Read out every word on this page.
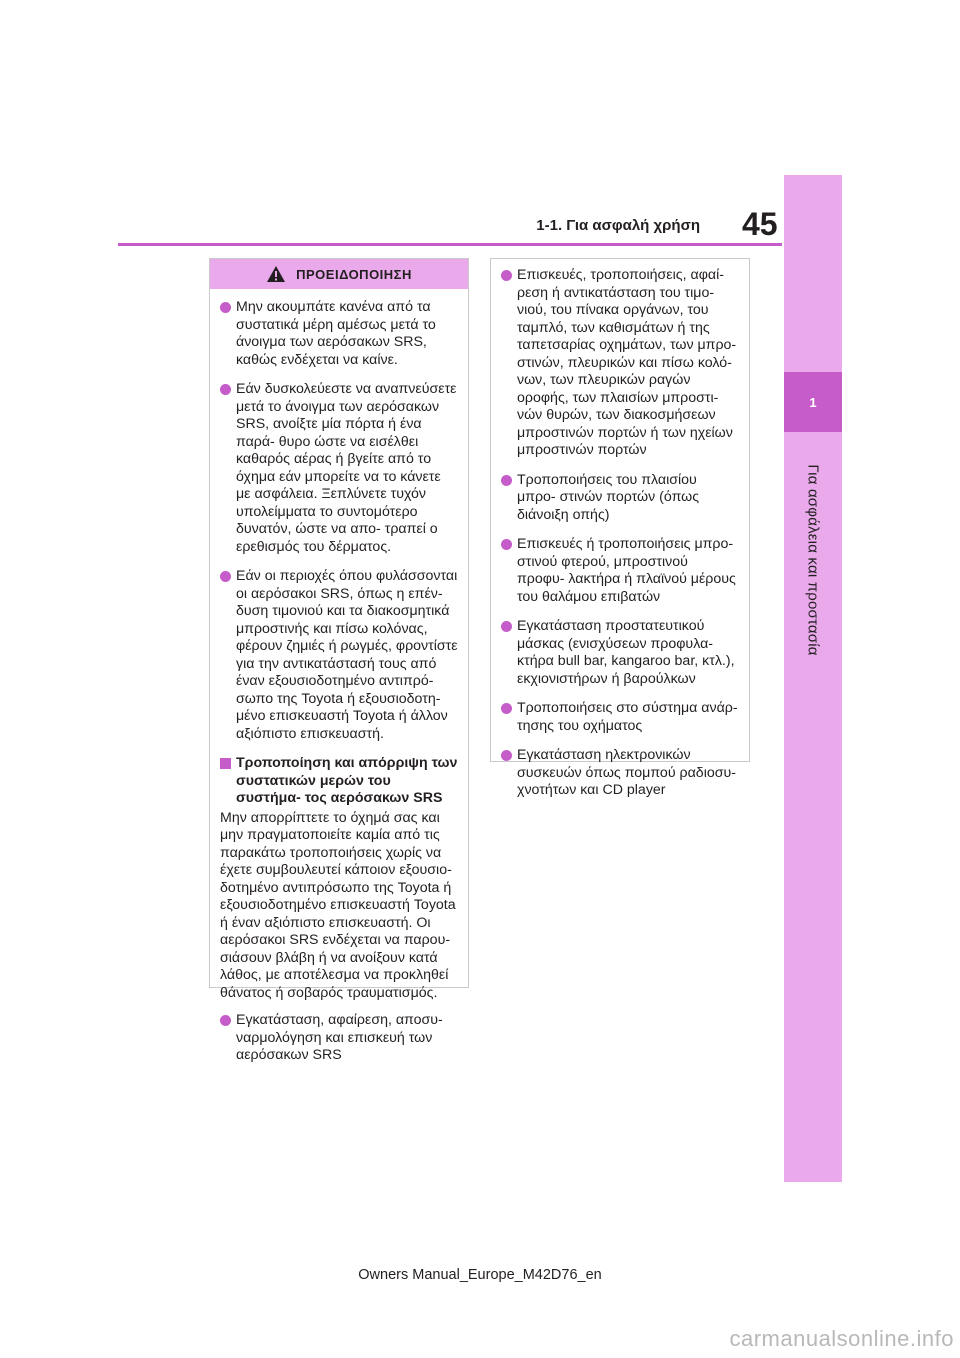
1
Για ασφάλεια και προστασία
1-1. Για ασφαλή χρήση 45
ΠΡΟΕΙΔΟΠΟΙΗΣΗ

Μην ακουμπάτε κανένα από τα συστατικά μέρη αμέσως μετά το άνοιγμα των αερόσακων SRS, καθώς ενδέχεται να καίνε.

Εάν δυσκολεύεστε να αναπνεύσετε μετά το άνοιγμα των αερόσακων SRS, ανοίξτε μία πόρτα ή ένα παρά- θυρο ώστε να εισέλθει καθαρός αέρας ή βγείτε από το όχημα εάν μπορείτε να το κάνετε με ασφάλεια. Ξεπλύνετε τυχόν υπολείμματα το συντομότερο δυνατόν, ώστε να απο- τραπεί ο ερεθισμός του δέρματος.

Εάν οι περιοχές όπου φυλάσσονται οι αερόσακοι SRS, όπως η επέν- δυση τιμονιού και τα διακοσμητικά μπροστινής και πίσω κολόνας, φέρουν ζημιές ή ρωγμές, φροντίστε για την αντικατάστασή τους από έναν εξουσιοδοτημένο αντιπρό- σωπο της Toyota ή εξουσιοδοτη- μένο επισκευαστή Toyota ή άλλον αξιόπιστο επισκευαστή.

Τροποποίηση και απόρριψη των συστατικών μερών του συστήμα- τος αερόσακων SRS

Μην απορρίπτετε το όχημά σας και μην πραγματοποιείτε καμία από τις παρακάτω τροποποιήσεις χωρίς να έχετε συμβουλευτεί κάποιον εξουσιο- δοτημένο αντιπρόσωπο της Toyota ή εξουσιοδοτημένο επισκευαστή Toyota ή έναν αξιόπιστο επισκευαστή. Οι αερόσακοι SRS ενδέχεται να παρου- σιάσουν βλάβη ή να ανοίξουν κατά λάθος, με αποτέλεσμα να προκληθεί θάνατος ή σοβαρός τραυματισμός.

Εγκατάσταση, αφαίρεση, αποσυ- ναρμολόγηση και επισκευή των αερόσακων SRS

Επισκευές, τροποποιήσεις, αφαί- ρεση ή αντικατάσταση του τιμο- νιού, του πίνακα οργάνων, του ταμπλό, των καθισμάτων ή της ταπετσαρίας οχημάτων, των μπρο- στινών, πλευρικών και πίσω κολό- νων, των πλευρικών ραγών οροφής, των πλαισίων μπροστι- νών θυρών, των διακοσμήσεων μπροστινών πορτών ή των ηχείων μπροστινών πορτών

Τροποποιήσεις του πλαισίου μπρο- στινών πορτών (όπως διάνοιξη οπής)

Επισκευές ή τροποποιήσεις μπρο- στινού φτερού, μπροστινού προφυ- λακτήρα ή πλαϊνού μέρους του θαλάμου επιβατών

Εγκατάσταση προστατευτικού μάσκας (ενισχύσεων προφυλα- κτήρα bull bar, kangaroo bar, κτλ.), εκχιονιστήρων ή βαρούλκων

Τροποποιήσεις στο σύστημα ανάρ- τησης του οχήματος

Εγκατάσταση ηλεκτρονικών συσκευών όπως πομπού ραδιοσυ- χνοτήτων και CD player

Owners Manual_Europe_M42D76_en
carmanualsonline.info
